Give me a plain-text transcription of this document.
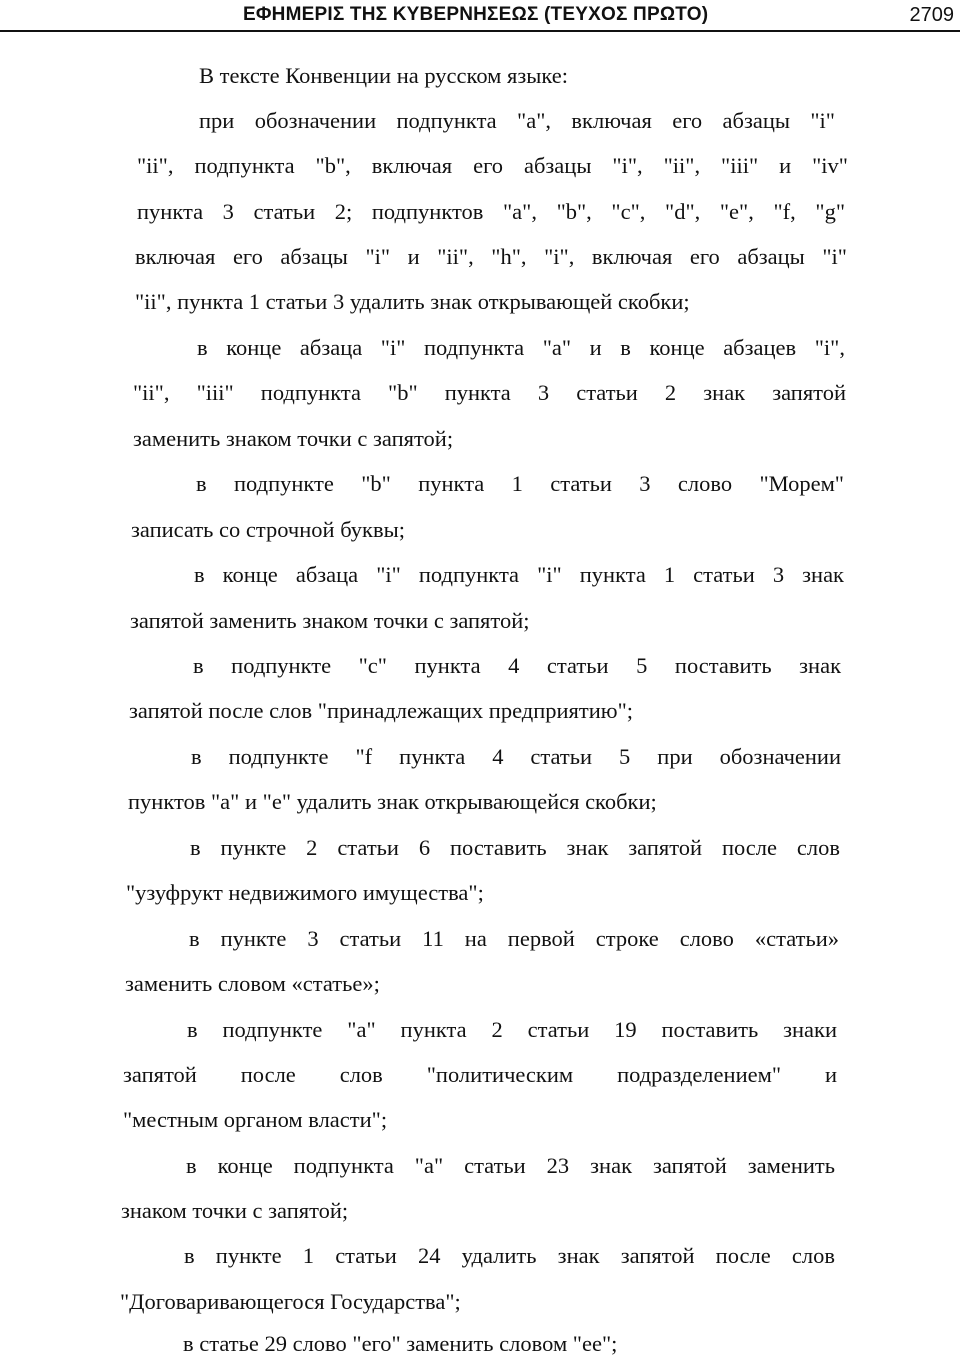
ΕΦΗΜΕΡΙΣ ΤΗΣ ΚΥΒΕΡΝΗΣΕΩΣ (ΤΕΥΧΟΣ ΠΡΩΤΟ)	2709
В тексте Конвенции на русском языке:
при обозначении подпункта "a", включая его абзацы "i"
"ii", подпункта "b", включая его абзацы "i", "ii", "iii" и "iv"
пункта 3 статьи 2; подпунктов "a", "b", "c", "d", "e", "f, "g"
включая его абзацы "i" и "ii", "h", "i", включая его абзацы "i"
"ii", пункта 1 статьи 3 удалить знак открывающей скобки;
в конце абзаца "i" подпункта "a" и в конце абзацев "i",
"ii", "iii" подпункта "b" пункта 3 статьи 2 знак запятой
заменить знаком точки с запятой;
в подпункте "b" пункта 1 статьи 3 слово "Морем"
записать со строчной буквы;
в конце абзаца "i" подпункта "i" пункта 1 статьи 3 знак
запятой заменить знаком точки с запятой;
в подпункте "c" пункта 4 статьи 5 поставить знак
запятой после слов "принадлежащих предприятию";
в подпункте "f пункта 4 статьи 5 при обозначении
пунктов "a" и "e" удалить знак открывающейся скобки;
в пункте 2 статьи 6 поставить знак запятой после слов
"узуфрукт недвижимого имущества";
в пункте 3 статьи 11 на первой строке слово «статьи»
заменить словом «статье»;
в подпункте "a" пункта 2 статьи 19 поставить знаки
запятой после слов "политическим подразделением" и
"местным органом власти";
в конце подпункта "a" статьи 23 знак запятой заменить
знаком точки с запятой;
в пункте 1 статьи 24 удалить знак запятой после слов
"Договаривающегося Государства";
в статье 29 слово "его" заменить словом "ее";
